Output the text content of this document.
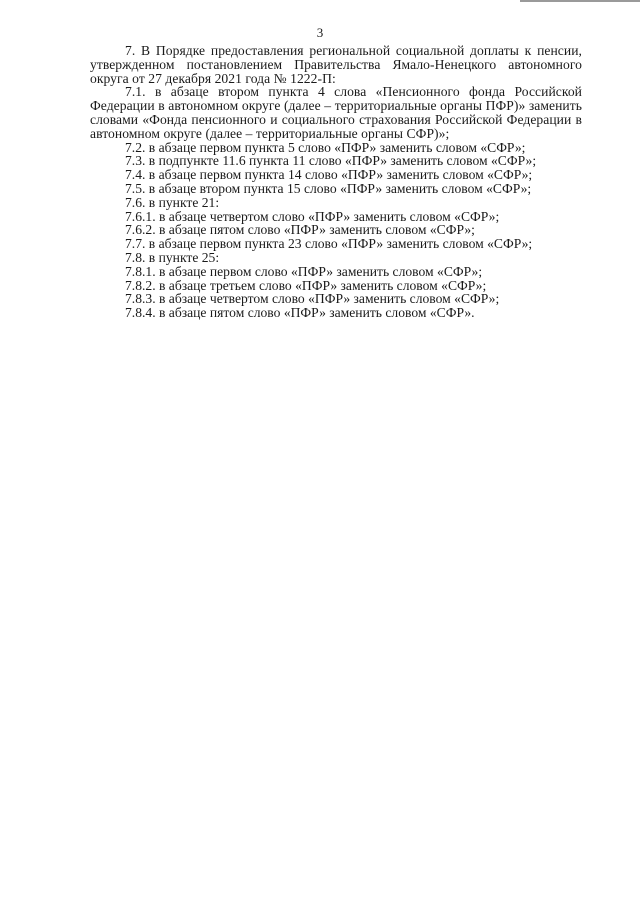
3

7. В Порядке предоставления региональной социальной доплаты к пенсии, утвержденном постановлением Правительства Ямало-Ненецкого автономного округа от 27 декабря 2021 года № 1222-П:

7.1. в абзаце втором пункта 4 слова «Пенсионного фонда Российской Федерации в автономном округе (далее – территориальные органы ПФР)» заменить словами «Фонда пенсионного и социального страхования Российской Федерации в автономном округе (далее – территориальные органы СФР)»;

7.2. в абзаце первом пункта 5 слово «ПФР» заменить словом «СФР»;

7.3. в подпункте 11.6 пункта 11 слово «ПФР» заменить словом «СФР»;

7.4. в абзаце первом пункта 14 слово «ПФР» заменить словом «СФР»;

7.5. в абзаце втором пункта 15 слово «ПФР» заменить словом «СФР»;

7.6. в пункте 21:

7.6.1. в абзаце четвертом слово «ПФР» заменить словом «СФР»;

7.6.2. в абзаце пятом слово «ПФР» заменить словом «СФР»;

7.7. в абзаце первом пункта 23 слово «ПФР» заменить словом «СФР»;

7.8. в пункте 25:

7.8.1. в абзаце первом слово «ПФР» заменить словом «СФР»;

7.8.2. в абзаце третьем слово «ПФР» заменить словом «СФР»;

7.8.3. в абзаце четвертом слово «ПФР» заменить словом «СФР»;

7.8.4. в абзаце пятом слово «ПФР» заменить словом «СФР».
